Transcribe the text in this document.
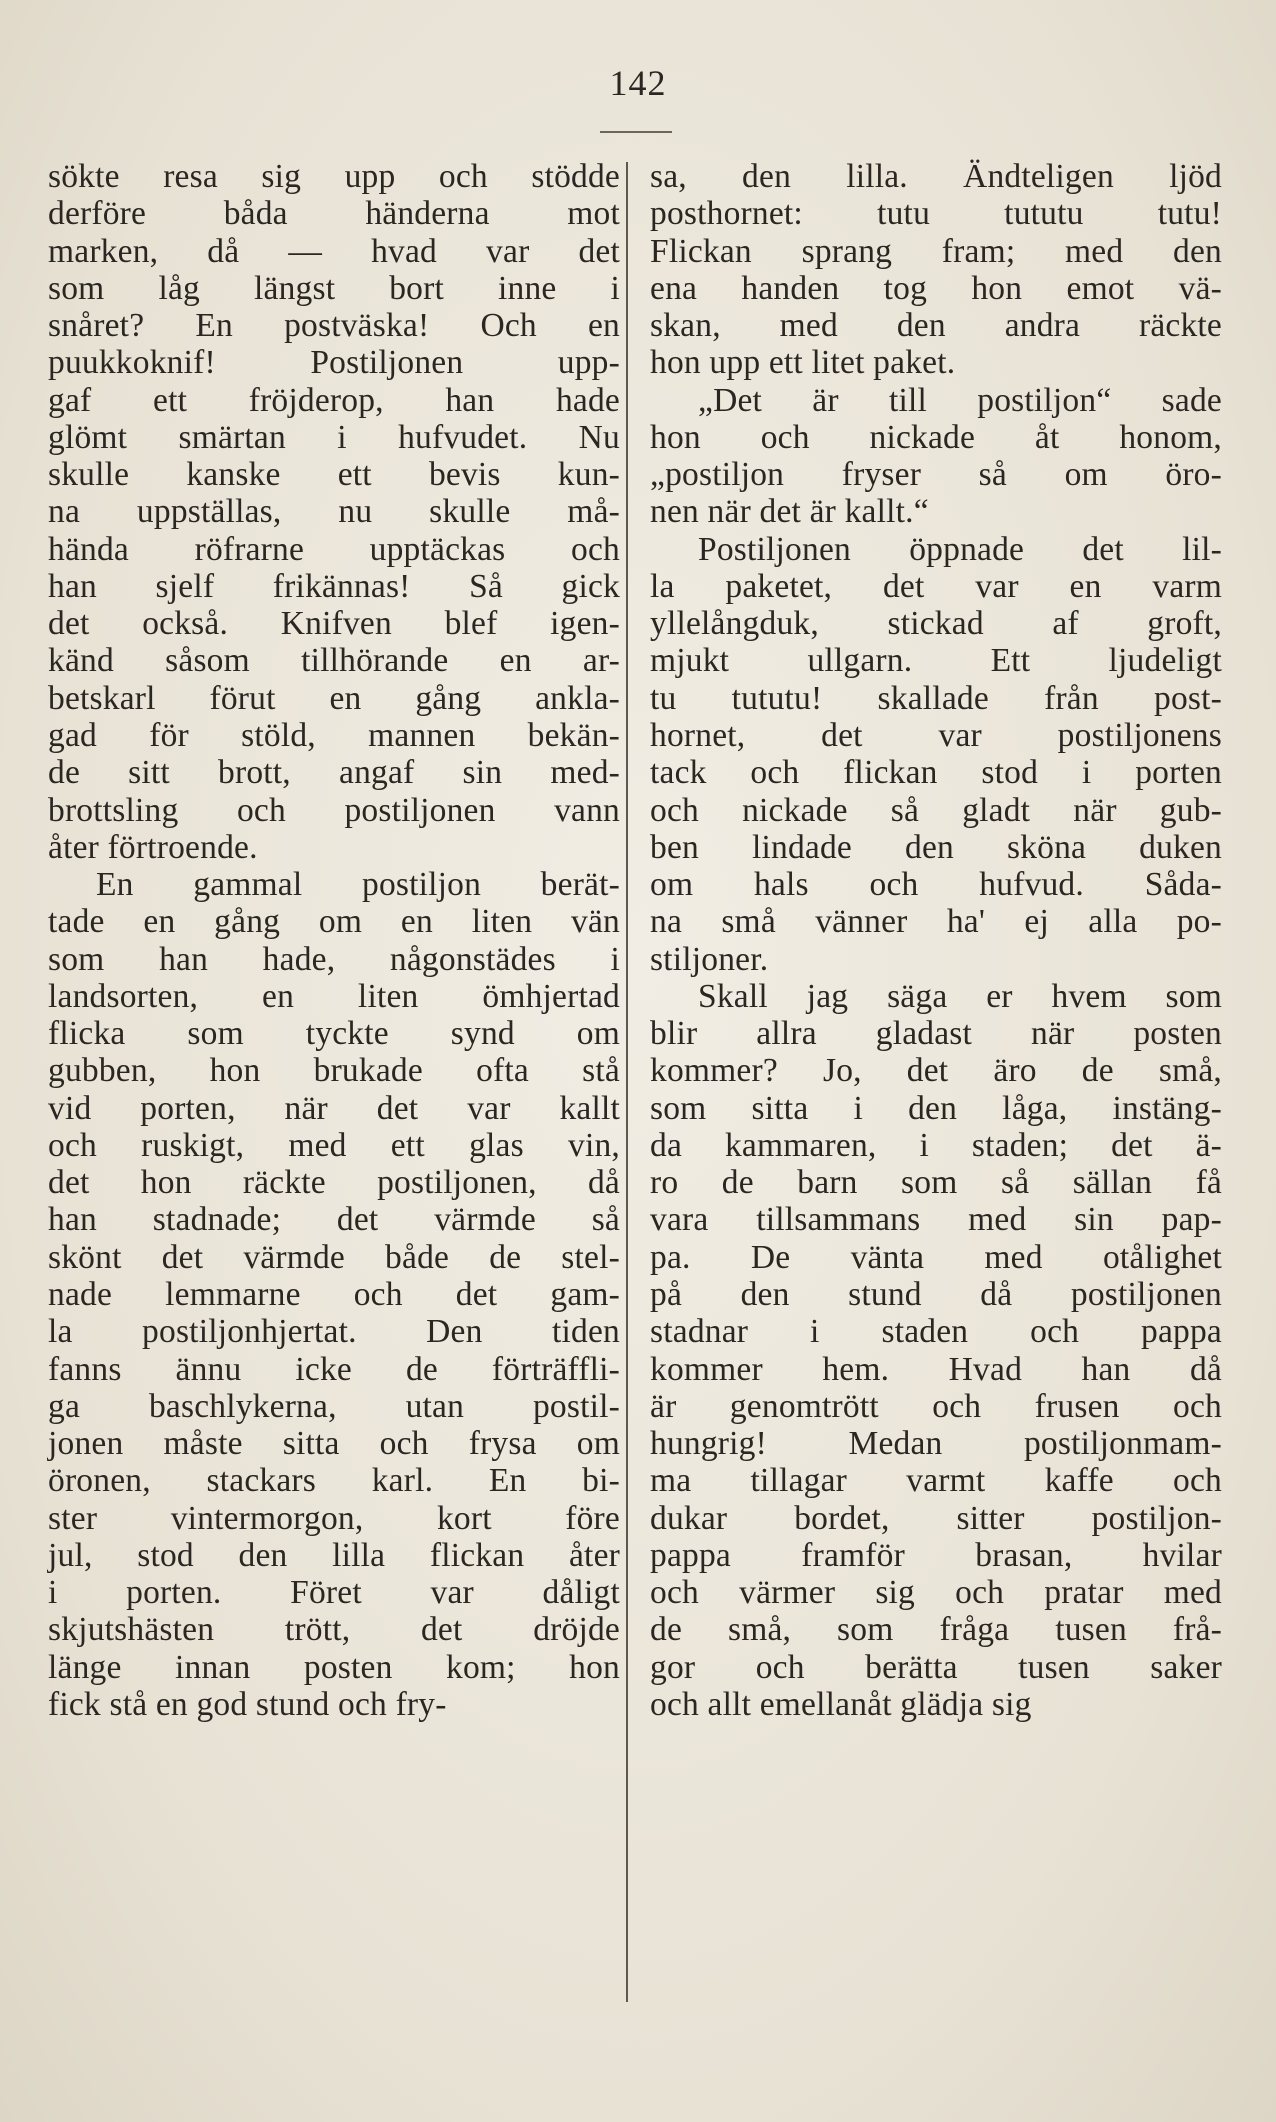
142
sökte resa sig upp och stödde
derföre båda händerna mot
marken, då — hvad var det
som låg längst bort inne i
snåret? En postväska! Och en
puukkoknif! Postiljonen upp-
gaf ett fröjderop, han hade
glömt smärtan i hufvudet. Nu
skulle kanske ett bevis kun-
na uppställas, nu skulle må-
hända röfrarne upptäckas och
han sjelf frikännas! Så gick
det också. Knifven blef igen-
känd såsom tillhörande en ar-
betskarl förut en gång ankla-
gad för stöld, mannen bekän-
de sitt brott, angaf sin med-
brottsling och postiljonen vann
åter förtroende.
En gammal postiljon berät-
tade en gång om en liten vän
som han hade, någonstädes i
landsorten, en liten ömhjertad
flicka som tyckte synd om
gubben, hon brukade ofta stå
vid porten, när det var kallt
och ruskigt, med ett glas vin,
det hon räckte postiljonen, då
han stadnade; det värmde så
skönt det värmde både de stel-
nade lemmarne och det gam-
la postiljonhjertat. Den tiden
fanns ännu icke de förträffli-
ga baschlykerna, utan postil-
jonen måste sitta och frysa om
öronen, stackars karl. En bi-
ster vintermorgon, kort före
jul, stod den lilla flickan åter
i porten. Föret var dåligt
skjutshästen trött, det dröjde
länge innan posten kom; hon
fick stå en god stund och fry-
sa, den lilla. Ändteligen ljöd
posthornet: tutu tututu tutu!
Flickan sprang fram; med den
ena handen tog hon emot vä-
skan, med den andra räckte
hon upp ett litet paket.
„Det är till postiljon“ sade
hon och nickade åt honom,
„postiljon fryser så om öro-
nen när det är kallt.“
Postiljonen öppnade det lil-
la paketet, det var en varm
yllelångduk, stickad af groft,
mjukt ullgarn. Ett ljudeligt
tu tututu! skallade från post-
hornet, det var postiljonens
tack och flickan stod i porten
och nickade så gladt när gub-
ben lindade den sköna duken
om hals och hufvud. Såda-
na små vänner ha' ej alla po-
stiljoner.
Skall jag säga er hvem som
blir allra gladast när posten
kommer? Jo, det äro de små,
som sitta i den låga, instäng-
da kammaren, i staden; det ä-
ro de barn som så sällan få
vara tillsammans med sin pap-
pa. De vänta med otålighet
på den stund då postiljonen
stadnar i staden och pappa
kommer hem. Hvad han då
är genomtrött och frusen och
hungrig! Medan postiljonmam-
ma tillagar varmt kaffe och
dukar bordet, sitter postiljon-
pappa framför brasan, hvilar
och värmer sig och pratar med
de små, som fråga tusen frå-
gor och berätta tusen saker
och allt emellanåt glädja sig
